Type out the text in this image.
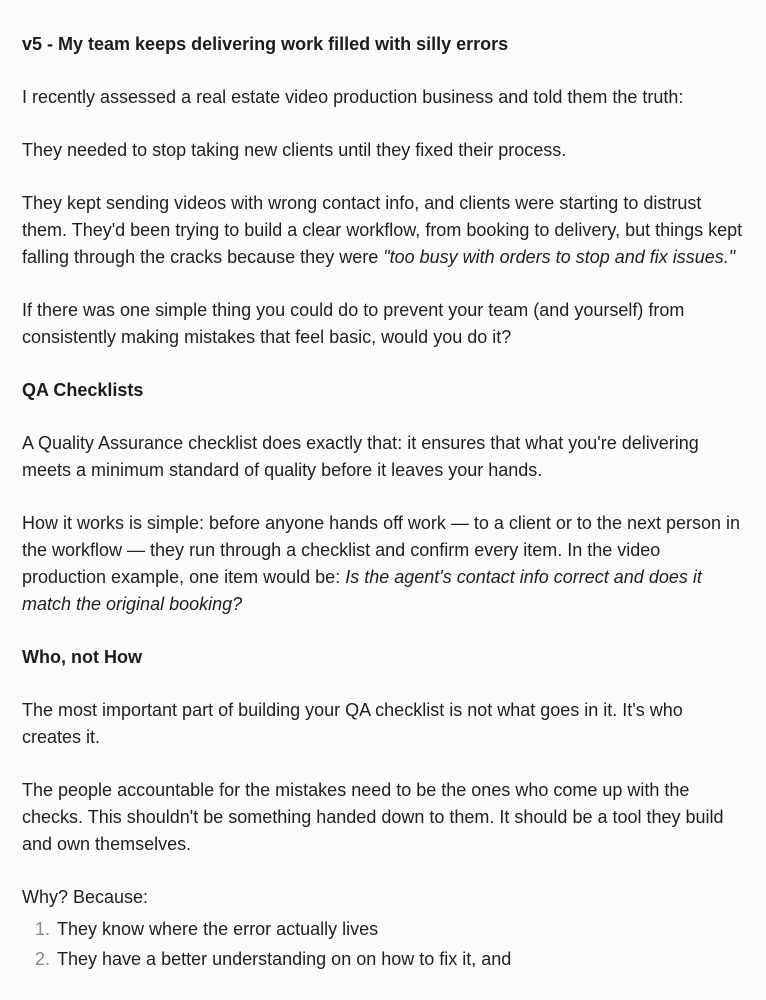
v5 - My team keeps delivering work filled with silly errors

I recently assessed a real estate video production business and told them the truth:

They needed to stop taking new clients until they fixed their process.

They kept sending videos with wrong contact info, and clients were starting to distrust them. They'd been trying to build a clear workflow, from booking to delivery, but things kept falling through the cracks because they were "too busy with orders to stop and fix issues."

If there was one simple thing you could do to prevent your team (and yourself) from consistently making mistakes that feel basic, would you do it?

QA Checklists

A Quality Assurance checklist does exactly that: it ensures that what you're delivering meets a minimum standard of quality before it leaves your hands.

How it works is simple: before anyone hands off work — to a client or to the next person in the workflow — they run through a checklist and confirm every item. In the video production example, one item would be: Is the agent's contact info correct and does it match the original booking?

Who, not How

The most important part of building your QA checklist is not what goes in it. It's who creates it.

The people accountable for the mistakes need to be the ones who come up with the checks. This shouldn't be something handed down to them. It should be a tool they build and own themselves.

Why? Because:

1. They know where the error actually lives
2. They have a better understanding on on how to fix it, and
